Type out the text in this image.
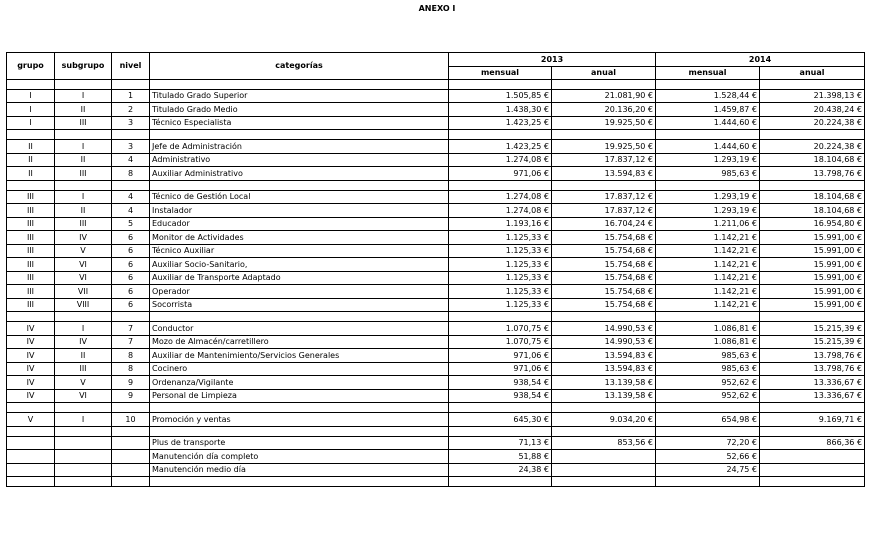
ANEXO I
grupo	subgrupo	nivel	categorías	2013		2014	
				mensual	anual	mensual	anual

I	I	1	Titulado Grado Superior	1.505,85 €	21.081,90 €	1.528,44 €	21.398,13 €
I	II	2	Titulado Grado Medio	1.438,30 €	20.136,20 €	1.459,87 €	20.438,24 €
I	III	3	Técnico Especialista	1.423,25 €	19.925,50 €	1.444,60 €	20.224,38 €

II	I	3	Jefe de Administración	1.423,25 €	19.925,50 €	1.444,60 €	20.224,38 €
II	II	4	Administrativo	1.274,08 €	17.837,12 €	1.293,19 €	18.104,68 €
II	III	8	Auxiliar Administrativo	971,06 €	13.594,83 €	985,63 €	13.798,76 €

III	I	4	Técnico de Gestión Local	1.274,08 €	17.837,12 €	1.293,19 €	18.104,68 €
III	II	4	Instalador	1.274,08 €	17.837,12 €	1.293,19 €	18.104,68 €
III	III	5	Educador	1.193,16 €	16.704,24 €	1.211,06 €	16.954,80 €
III	IV	6	Monitor de Actividades	1.125,33 €	15.754,68 €	1.142,21 €	15.991,00 €
III	V	6	Técnico Auxiliar	1.125,33 €	15.754,68 €	1.142,21 €	15.991,00 €
III	VI	6	Auxiliar Socio-Sanitario,	1.125,33 €	15.754,68 €	1.142,21 €	15.991,00 €
III	VI	6	Auxiliar de Transporte Adaptado	1.125,33 €	15.754,68 €	1.142,21 €	15.991,00 €
III	VII	6	Operador	1.125,33 €	15.754,68 €	1.142,21 €	15.991,00 €
III	VIII	6	Socorrista	1.125,33 €	15.754,68 €	1.142,21 €	15.991,00 €

IV	I	7	Conductor	1.070,75 €	14.990,53 €	1.086,81 €	15.215,39 €
IV	IV	7	Mozo de Almacén/carretillero	1.070,75 €	14.990,53 €	1.086,81 €	15.215,39 €
IV	II	8	Auxiliar de Mantenimiento/Servicios Generales	971,06 €	13.594,83 €	985,63 €	13.798,76 €
IV	III	8	Cocinero	971,06 €	13.594,83 €	985,63 €	13.798,76 €
IV	V	9	Ordenanza/Vigilante	938,54 €	13.139,58 €	952,62 €	13.336,67 €
IV	VI	9	Personal de Limpieza	938,54 €	13.139,58 €	952,62 €	13.336,67 €

V	I	10	Promoción y ventas	645,30 €	9.034,20 €	654,98 €	9.169,71 €

			Plus de transporte	71,13 €	853,56 €	72,20 €	866,36 €
			Manutención día completo	51,88 €		52,66 €	
			Manutención medio día	24,38 €		24,75 €	
